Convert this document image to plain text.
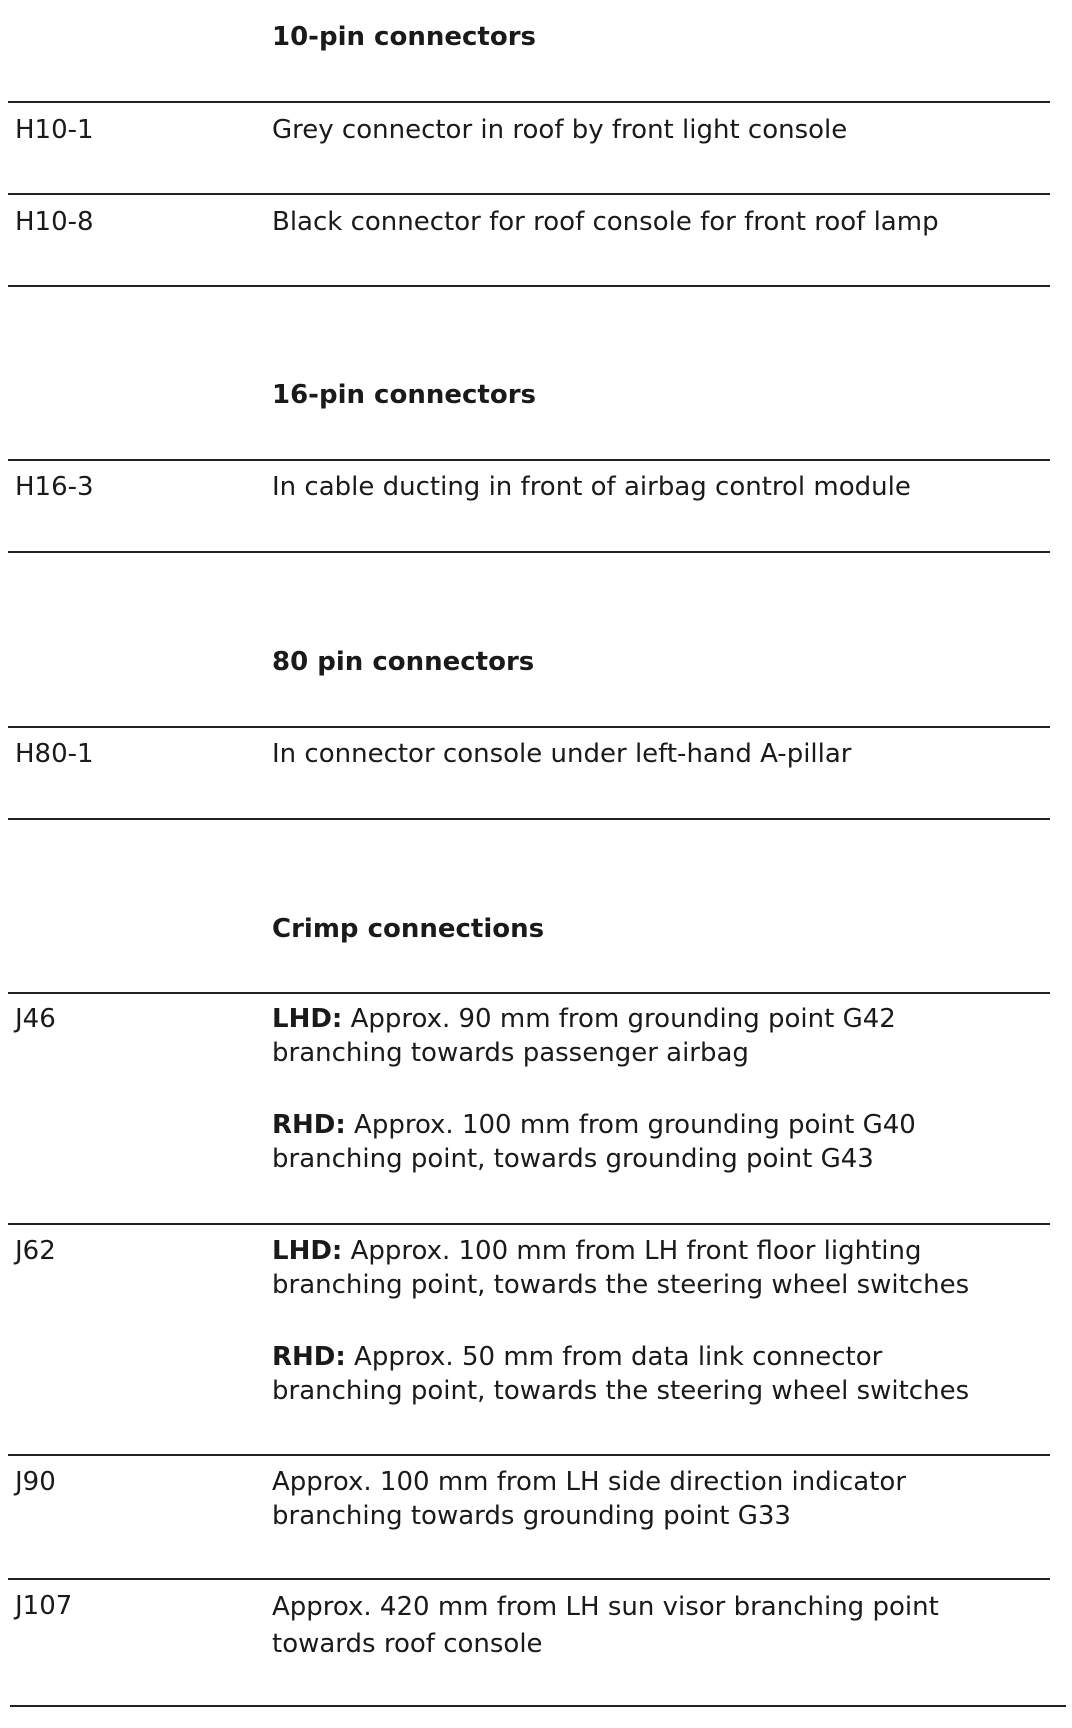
10-pin connectors
H10-1	Grey connector in roof by front light console
H10-8	Black connector for roof console for front roof lamp
16-pin connectors
H16-3	In cable ducting in front of airbag control module
80 pin connectors
H80-1	In connector console under left-hand A-pillar
Crimp connections
J46	LHD: Approx. 90 mm from grounding point G42
branching towards passenger airbag
RHD: Approx. 100 mm from grounding point G40
branching point, towards grounding point G43
J62	LHD: Approx. 100 mm from LH front floor lighting
branching point, towards the steering wheel switches
RHD: Approx. 50 mm from data link connector
branching point, towards the steering wheel switches
J90	Approx. 100 mm from LH side direction indicator
branching towards grounding point G33
J107	Approx. 420 mm from LH sun visor branching point
towards roof console
